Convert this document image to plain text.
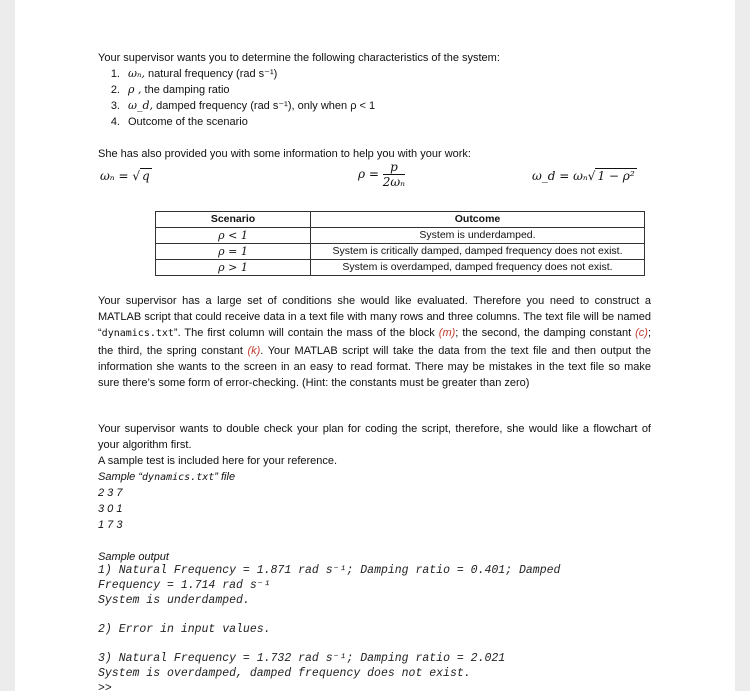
Your supervisor wants you to determine the following characteristics of the system:
1. ωₙ, natural frequency (rad s⁻¹)
2. ρ , the damping ratio
3. ω_d, damped frequency (rad s⁻¹), only when ρ < 1
4. Outcome of the scenario
She has also provided you with some information to help you with your work:
ωₙ = √ q	$\rho = \frac{p}{\text{2ωₙ}}$	ω_d = ωₙ√ 1 − ρ²
Scenario	Outcome
ρ < 1	System is underdamped.
ρ = 1	System is critically damped, damped frequency does not exist.
ρ > 1	System is overdamped, damped frequency does not exist.
Your supervisor has a large set of conditions she would like evaluated. Therefore you need to construct a MATLAB script that could receive data in a text file with many rows and three columns. The text file will be named “dynamics.txt”. The first column will contain the mass of the block (m); the second, the damping constant (c); the third, the spring constant (k). Your MATLAB script will take the data from the text file and then output the information she wants to the screen in an easy to read format. There may be mistakes in the text file so make sure there’s some form of error-checking. (Hint: the constants must be greater than zero)
Your supervisor wants to double check your plan for coding the script, therefore, she would like a flowchart of your algorithm first.
A sample test is included here for your reference.
Sample “dynamics.txt” file
2 3 7
3 0 1
1 7 3
Sample output
1) Natural Frequency = 1.871 rad s⁻¹; Damping ratio = 0.401; Damped
Frequency = 1.714 rad s⁻¹
System is underdamped.
2) Error in input values.
3) Natural Frequency = 1.732 rad s⁻¹; Damping ratio = 2.021
System is overdamped, damped frequency does not exist.
>>
